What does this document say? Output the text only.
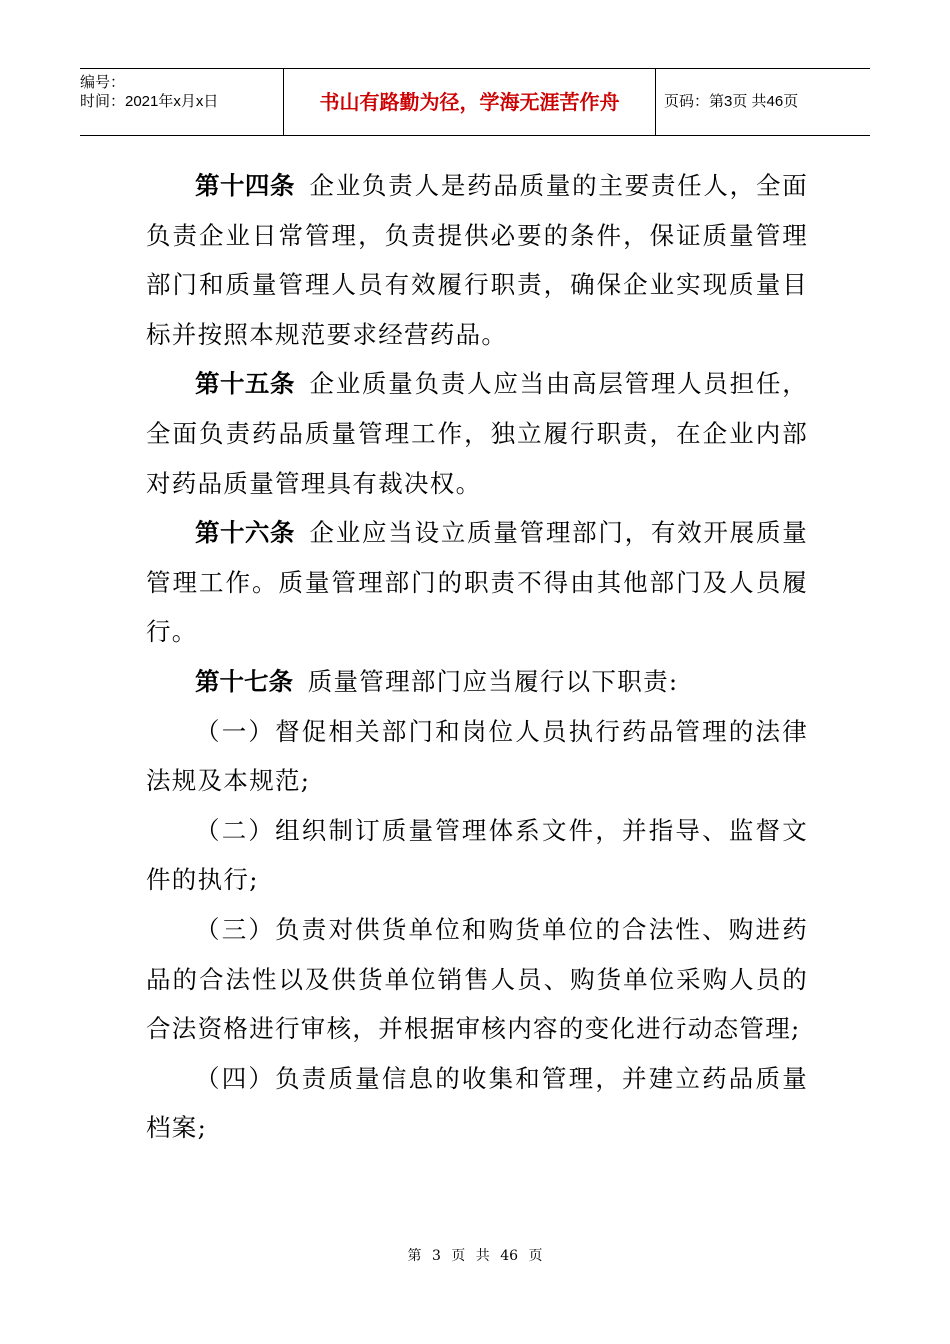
编号：
时间：2021年x月x日	书山有路勤为径，学海无涯苦作舟	页码：第3页 共46页

第十四条 企业负责人是药品质量的主要责任人，全面负责企业日常管理，负责提供必要的条件，保证质量管理部门和质量管理人员有效履行职责，确保企业实现质量目标并按照本规范要求经营药品。

第十五条 企业质量负责人应当由高层管理人员担任，全面负责药品质量管理工作，独立履行职责，在企业内部对药品质量管理具有裁决权。

第十六条 企业应当设立质量管理部门，有效开展质量管理工作。质量管理部门的职责不得由其他部门及人员履行。

第十七条 质量管理部门应当履行以下职责:

（一）督促相关部门和岗位人员执行药品管理的法律法规及本规范;

（二）组织制订质量管理体系文件，并指导、监督文件的执行;

（三）负责对供货单位和购货单位的合法性、购进药品的合法性以及供货单位销售人员、购货单位采购人员的合法资格进行审核，并根据审核内容的变化进行动态管理;

（四）负责质量信息的收集和管理，并建立药品质量档案;

第 3 页 共 46 页
